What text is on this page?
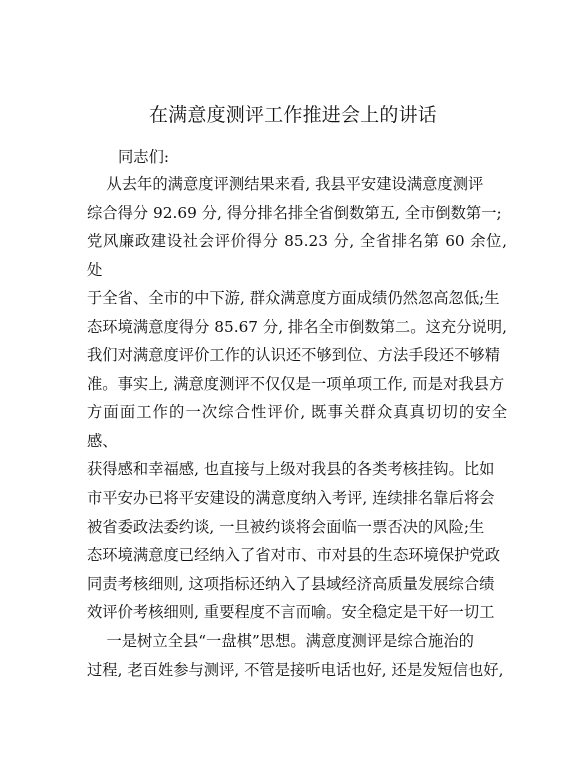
在满意度测评工作推进会上的讲话
同志们:
从去年的满意度评测结果来看, 我县平安建设满意度测评
综合得分 92.69 分, 得分排名排全省倒数第五, 全市倒数第一;
党风廉政建设社会评价得分 85.23 分, 全省排名第 60 余位, 处
于全省、全市的中下游, 群众满意度方面成绩仍然忽高忽低;生
态环境满意度得分 85.67 分, 排名全市倒数第二。这充分说明,
我们对满意度评价工作的认识还不够到位、方法手段还不够精
准。事实上, 满意度测评不仅仅是一项单项工作, 而是对我县方
方面面工作的一次综合性评价, 既事关群众真真切切的安全感、
获得感和幸福感, 也直接与上级对我县的各类考核挂钩。比如
市平安办已将平安建设的满意度纳入考评, 连续排名靠后将会
被省委政法委约谈, 一旦被约谈将会面临一票否决的风险;生
态环境满意度已经纳入了省对市、市对县的生态环境保护党政
同责考核细则, 这项指标还纳入了县域经济高质量发展综合绩
效评价考核细则, 重要程度不言而喻。安全稳定是干好一切工

一是树立全县“一盘棋”思想。满意度测评是综合施治的
过程, 老百姓参与测评, 不管是接听电话也好, 还是发短信也好,
